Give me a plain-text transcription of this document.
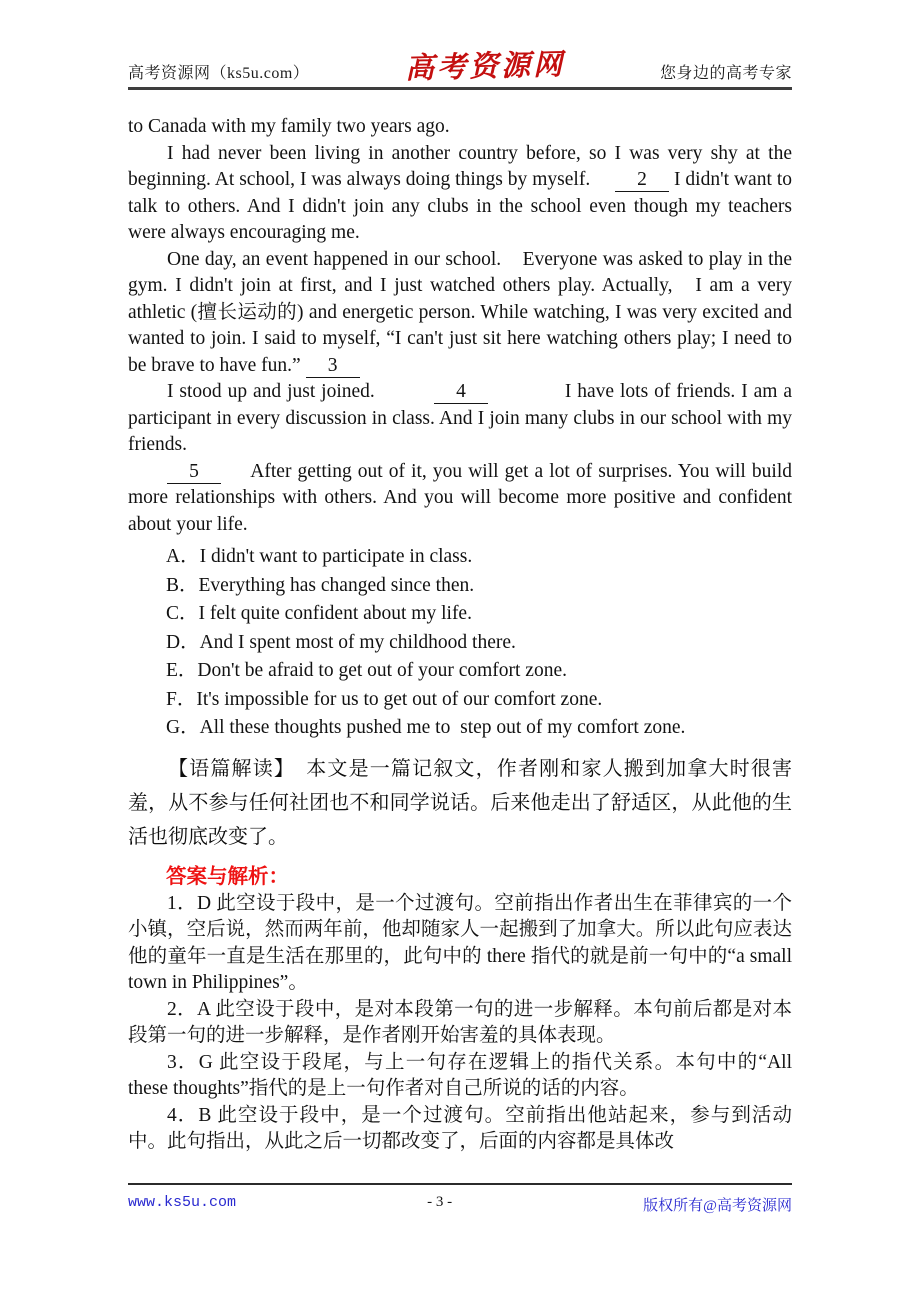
高考资源网（ks5u.com）	高考资源网	您身边的高考专家

to Canada with my family two years ago.

I had never been living in another country before, so I was very shy at the beginning. At school, I was always doing things by myself.     2 I didn't want to talk to others. And I didn't join any clubs in the school even though my teachers were always encouraging me.

One day, an event happened in our school.    Everyone was asked to play in the gym. I didn't join at first, and I just watched others play. Actually,   I am a very athletic (擅长运动的) and energetic person. While watching, I was very excited and wanted to join. I said to myself, “I can't just sit here watching others play; I need to be brave to have fun.” 3

I stood up and just joined.          4             I have lots of friends. I am a participant in every discussion in class. And I join many clubs in our school with my friends.

5     After getting out of it, you will get a lot of surprises. You will build more relationships with others. And you will become more positive and confident about your life.

A．I didn't want to participate in class.

B．Everything has changed since then.

C．I felt quite confident about my life.

D．And I spent most of my childhood there.

E．Don't be afraid to get out of your comfort zone.

F．It's impossible for us to get out of our comfort zone.

G．All these thoughts pushed me to  step out of my comfort zone.

【语篇解读】　本文是一篇记叙文，作者刚和家人搬到加拿大时很害羞，从不参与任何社团也不和同学说话。后来他走出了舒适区，从此他的生活也彻底改变了。

答案与解析：

1．D 此空设于段中，是一个过渡句。空前指出作者出生在菲律宾的一个小镇，空后说，然而两年前，他却随家人一起搬到了加拿大。所以此句应表达他的童年一直是生活在那里的，此句中的 there 指代的就是前一句中的“a small town in Philippines”。

2．A 此空设于段中，是对本段第一句的进一步解释。本句前后都是对本段第一句的进一步解释，是作者刚开始害羞的具体表现。

3．G 此空设于段尾，与上一句存在逻辑上的指代关系。本句中的“All these thoughts”指代的是上一句作者对自己所说的话的内容。

4．B 此空设于段中，是一个过渡句。空前指出他站起来，参与到活动中。此句指出，从此之后一切都改变了，后面的内容都是具体改

www.ks5u.com	- 3 -	版权所有@高考资源网
